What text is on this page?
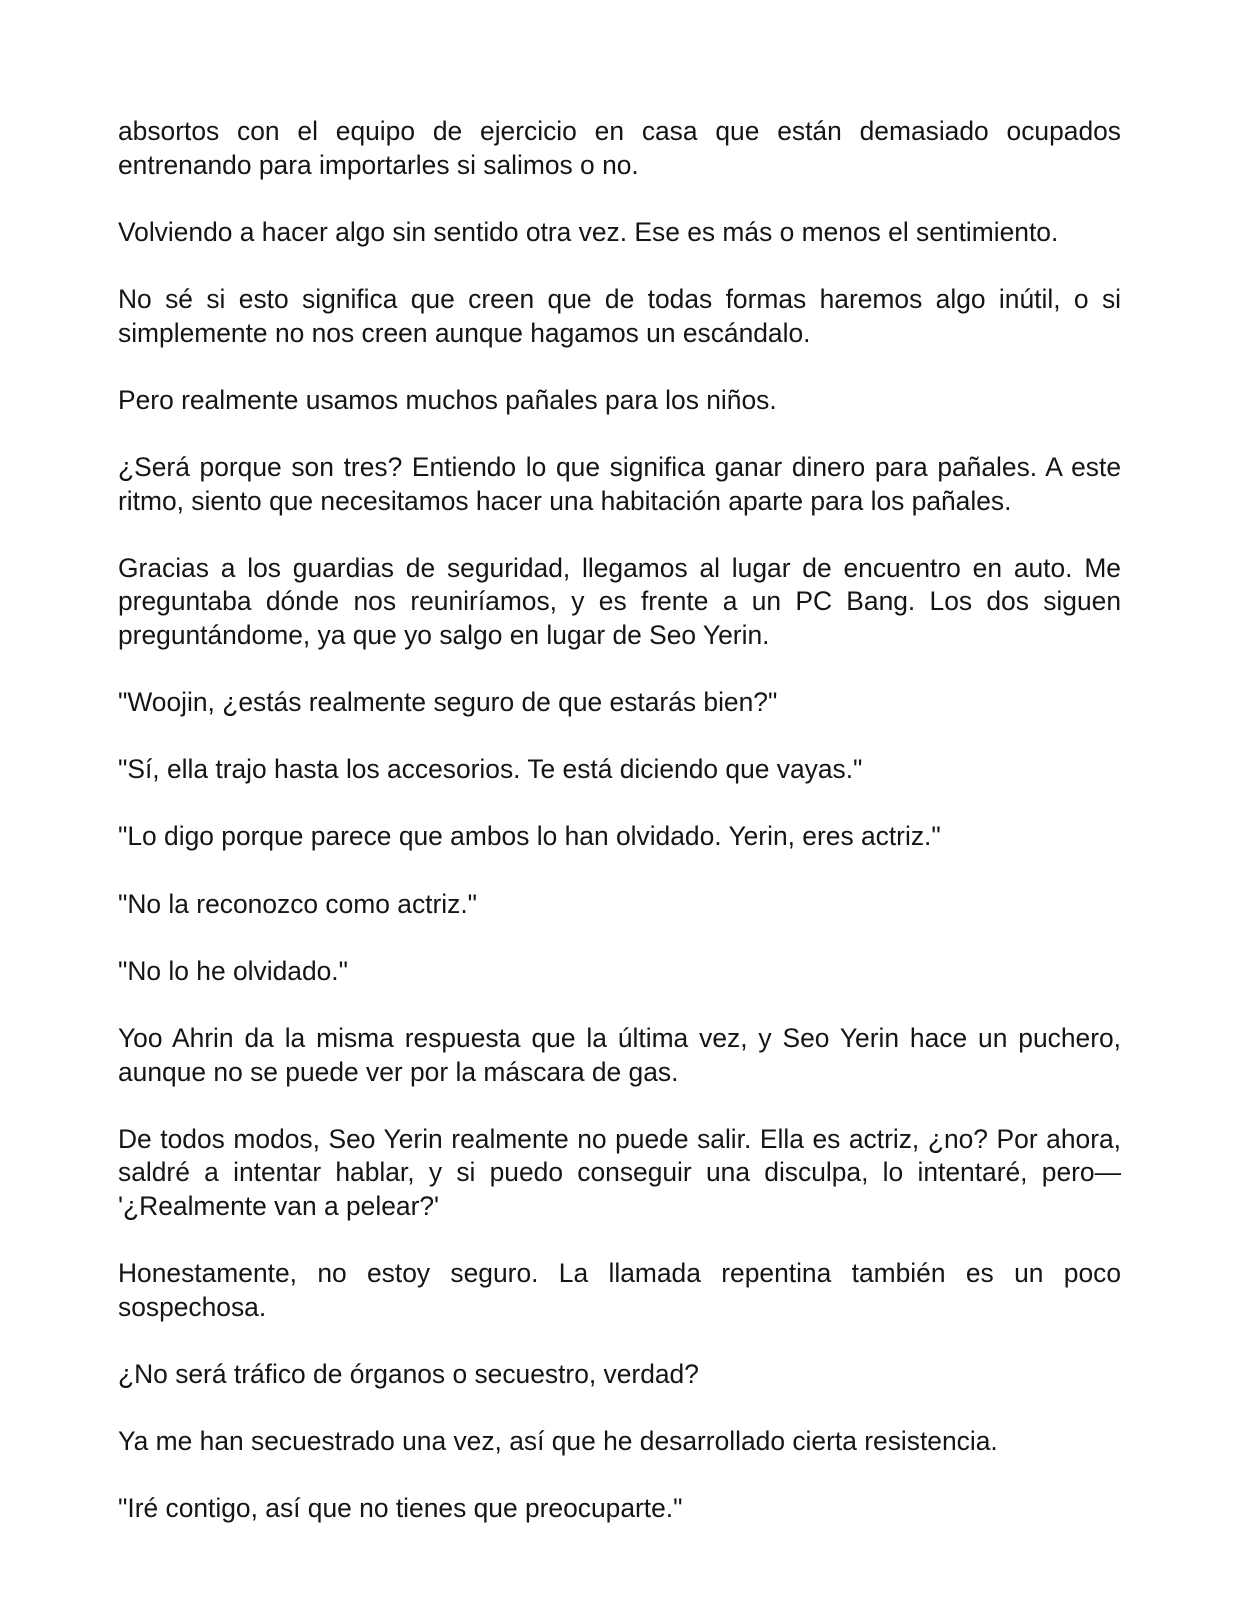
absortos con el equipo de ejercicio en casa que están demasiado ocupados entrenando para importarles si salimos o no.

Volviendo a hacer algo sin sentido otra vez. Ese es más o menos el sentimiento.

No sé si esto significa que creen que de todas formas haremos algo inútil, o si simplemente no nos creen aunque hagamos un escándalo.

Pero realmente usamos muchos pañales para los niños.

¿Será porque son tres? Entiendo lo que significa ganar dinero para pañales. A este ritmo, siento que necesitamos hacer una habitación aparte para los pañales.

Gracias a los guardias de seguridad, llegamos al lugar de encuentro en auto. Me preguntaba dónde nos reuniríamos, y es frente a un PC Bang. Los dos siguen preguntándome, ya que yo salgo en lugar de Seo Yerin.

"Woojin, ¿estás realmente seguro de que estarás bien?"

"Sí, ella trajo hasta los accesorios. Te está diciendo que vayas."

"Lo digo porque parece que ambos lo han olvidado. Yerin, eres actriz."

"No la reconozco como actriz."

"No lo he olvidado."

Yoo Ahrin da la misma respuesta que la última vez, y Seo Yerin hace un puchero, aunque no se puede ver por la máscara de gas.

De todos modos, Seo Yerin realmente no puede salir. Ella es actriz, ¿no? Por ahora, saldré a intentar hablar, y si puedo conseguir una disculpa, lo intentaré, pero— '¿Realmente van a pelear?'

Honestamente, no estoy seguro. La llamada repentina también es un poco sospechosa.

¿No será tráfico de órganos o secuestro, verdad?

Ya me han secuestrado una vez, así que he desarrollado cierta resistencia.

"Iré contigo, así que no tienes que preocuparte."
